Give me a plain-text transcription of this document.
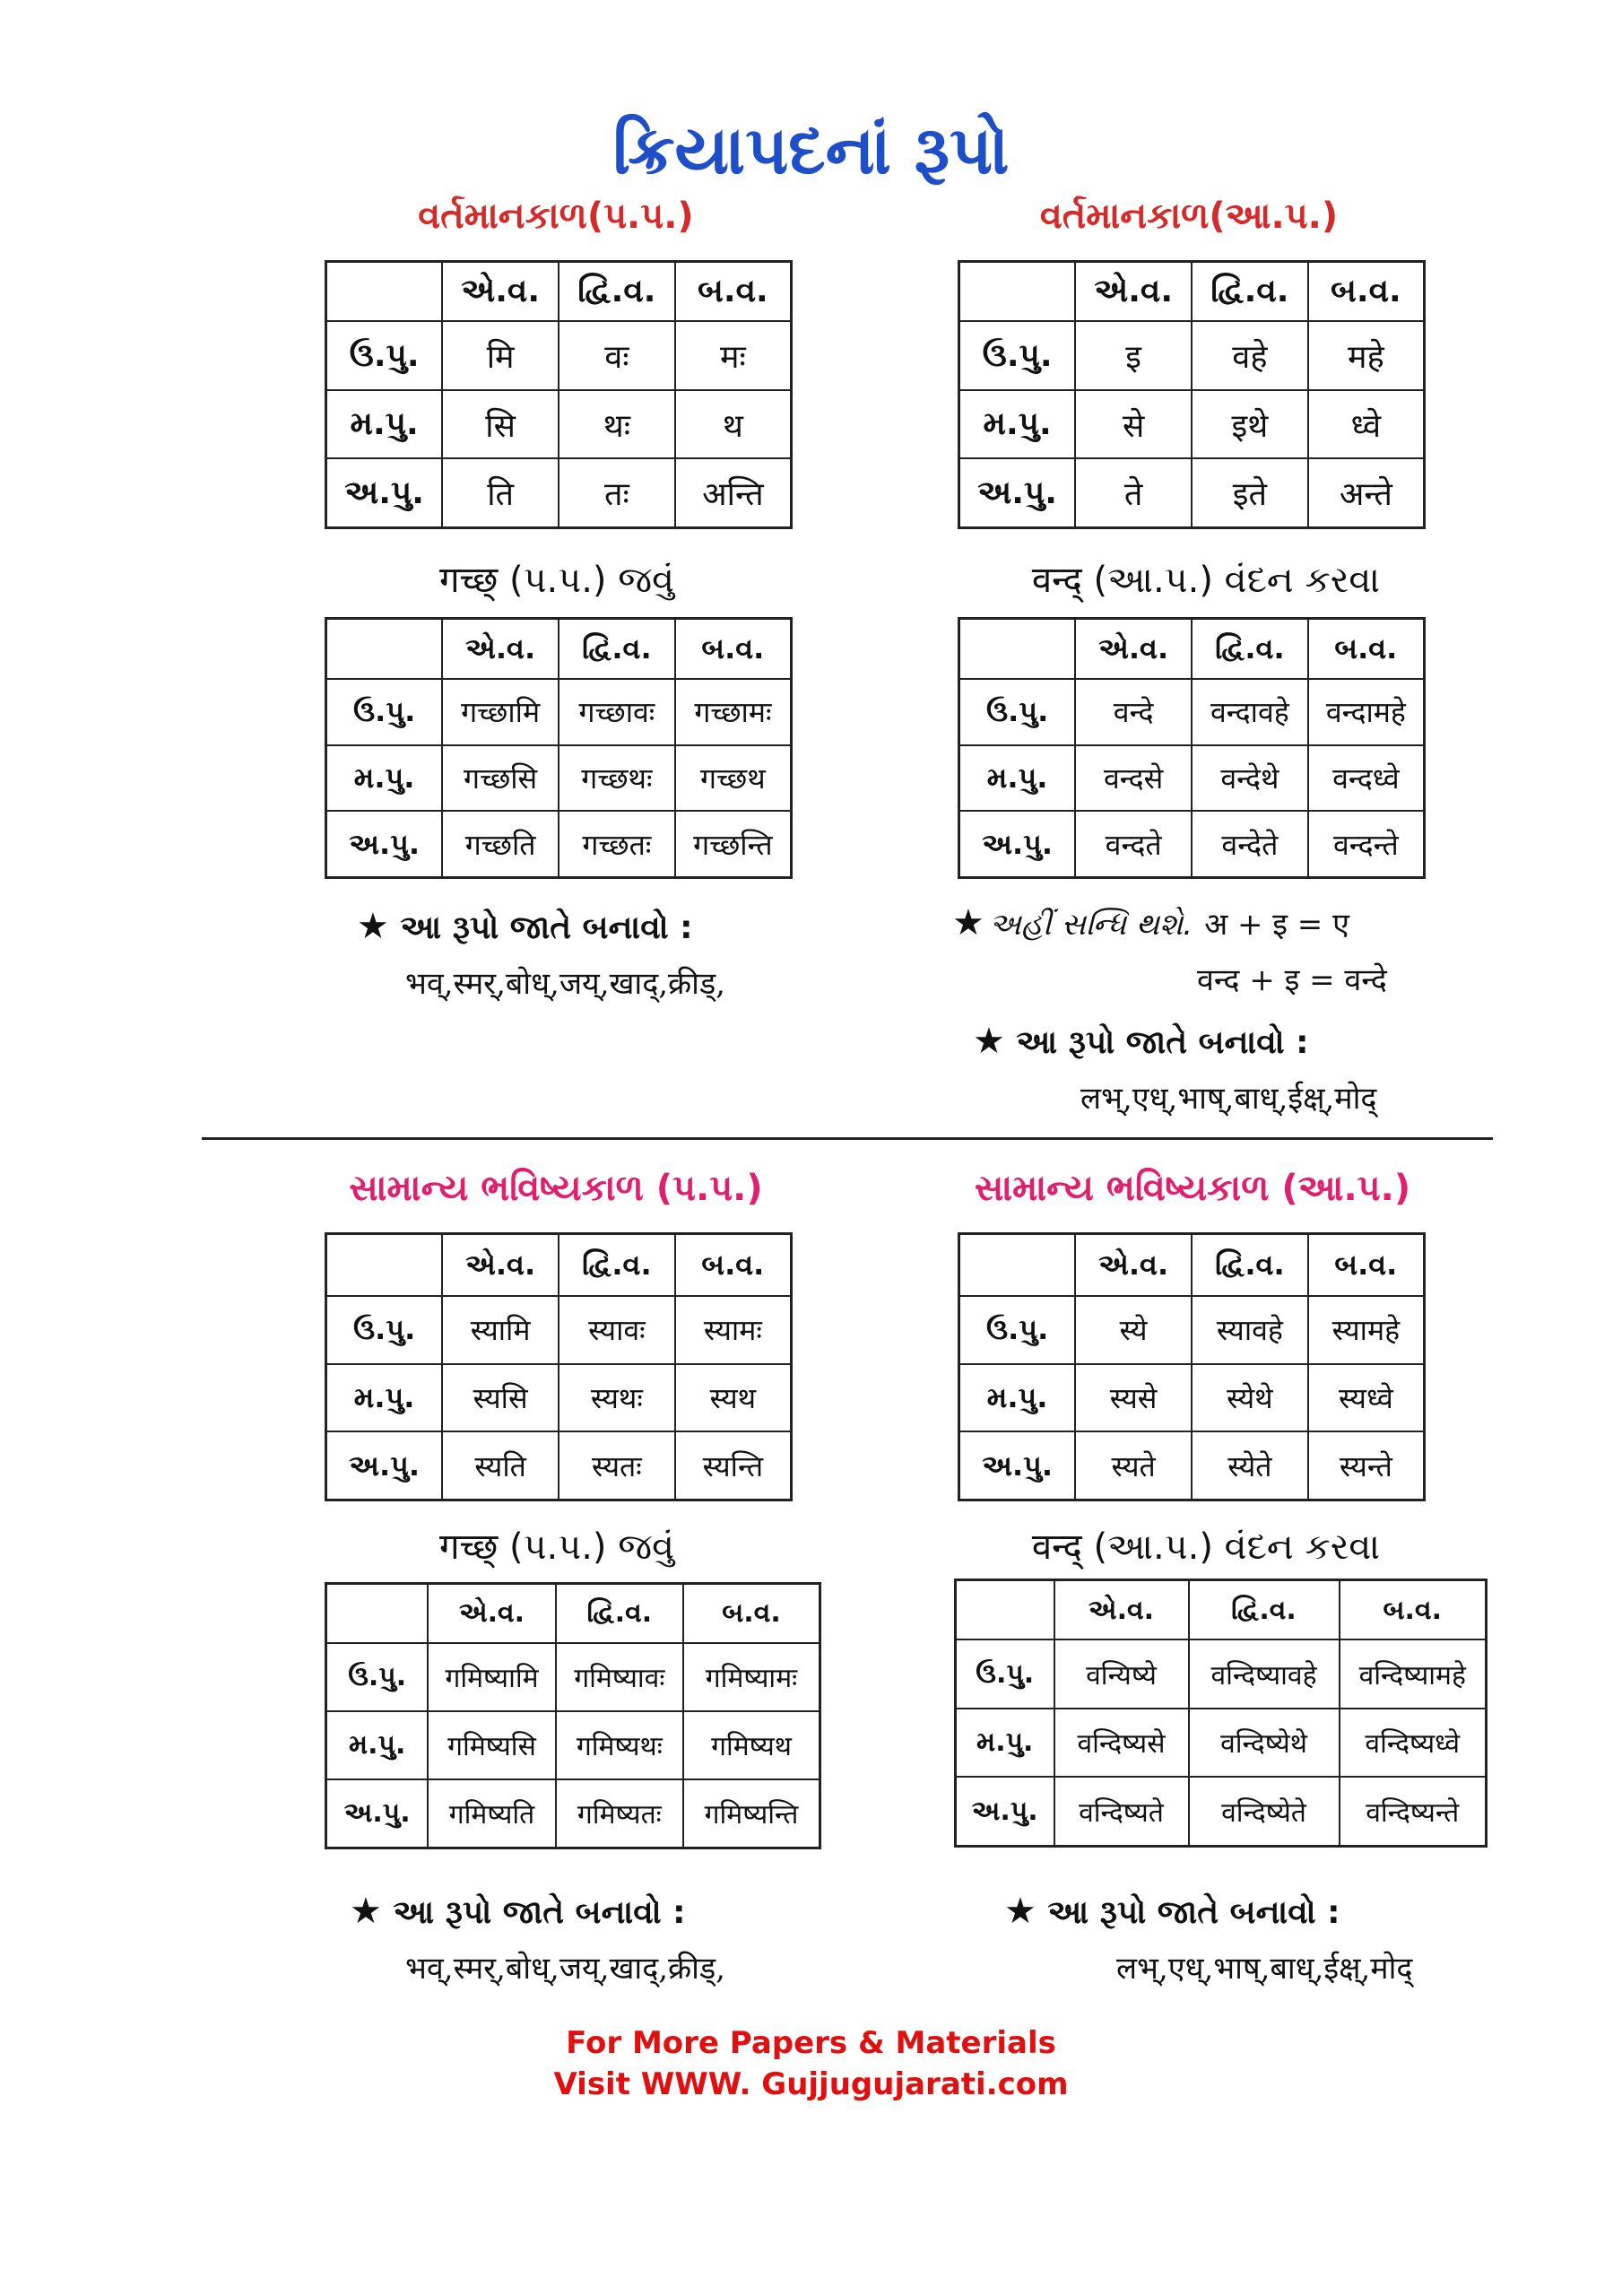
ક્રિયાપદનાં રૂપો
વર્તમાનકાળ(પ.પ.)
	એ.વ.	દ્વિ.વ.	બ.વ.
ઉ.પુ.	मि	वः	मः
મ.પુ.	सि	थः	थ
અ.પુ.	ति	तः	अन्ति
गच्छ् (પ.પ.) જવું
	એ.વ.	દ્વિ.વ.	બ.વ.
ઉ.પુ.	गच्छामि	गच्छावः	गच्छामः
મ.પુ.	गच्छसि	गच्छथः	गच्छथ
અ.પુ.	गच्छति	गच्छतः	गच्छन्ति
★ આ રૂપો જાતે બનાવો :
भव्,स्मर्,बोध्,जय्,खाद्,क्रीड्,
વર્તમાનકાળ(આ.પ.)
	એ.વ.	દ્વિ.વ.	બ.વ.
ઉ.પુ.	इ	वहे	महे
મ.પુ.	से	इथे	ध्वे
અ.પુ.	ते	इते	अन्ते
वन्द् (આ.પ.) વંદન કરવા
	એ.વ.	દ્વિ.વ.	બ.વ.
ઉ.પુ.	वन्दे	वन्दावहे	वन्दामहे
મ.પુ.	वन्दसे	वन्देथे	वन्दध्वे
અ.પુ.	वन्दते	वन्देते	वन्दन्ते
★ અહીં સન્ધિ થશે. अ + इ = ए
वन्द + इ = वन्दे
★ આ રૂપો જાતે બનાવો :
लभ्,एध्,भाष्,बाध्,ईक्ष्,मोद्
સામાન્ય ભવિષ્યકાળ (પ.પ.)
	એ.વ.	દ્વિ.વ.	બ.વ.
ઉ.પુ.	स्यामि	स्यावः	स्यामः
મ.પુ.	स्यसि	स्यथः	स्यथ
અ.પુ.	स्यति	स्यतः	स्यन्ति
गच्छ् (પ.પ.) જવું
	એ.વ.	દ્વિ.વ.	બ.વ.
ઉ.પુ.	गमिष्यामि	गमिष्यावः	गमिष्यामः
મ.પુ.	गमिष्यसि	गमिष्यथः	गमिष्यथ
અ.પુ.	गमिष्यति	गमिष्यतः	गमिष्यन्ति
★ આ રૂપો જાતે બનાવો :
भव्,स्मर्,बोध्,जय्,खाद्,क्रीड्,
સામાન્ય ભવિષ્યકાળ (આ.પ.)
	એ.વ.	દ્વિ.વ.	બ.વ.
ઉ.પુ.	स्ये	स्यावहे	स्यामहे
મ.પુ.	स्यसे	स्येथे	स्यध्वे
અ.પુ.	स्यते	स्येते	स्यन्ते
वन्द् (આ.પ.) વંદન કરવા
	એ.વ.	દ્વિ.વ.	બ.વ.
ઉ.પુ.	वन्यिष्ये	वन्दिष्यावहे	वन्दिष्यामहे
મ.પુ.	वन्दिष्यसे	वन्दिष्येथे	वन्दिष्यध्वे
અ.પુ.	वन्दिष्यते	वन्दिष्येते	वन्दिष्यन्ते
★ આ રૂપો જાતે બનાવો :
लभ्,एध्,भाष्,बाध्,ईक्ष्,मोद्
For More Papers & Materials
Visit WWW. Gujjugujarati.com
